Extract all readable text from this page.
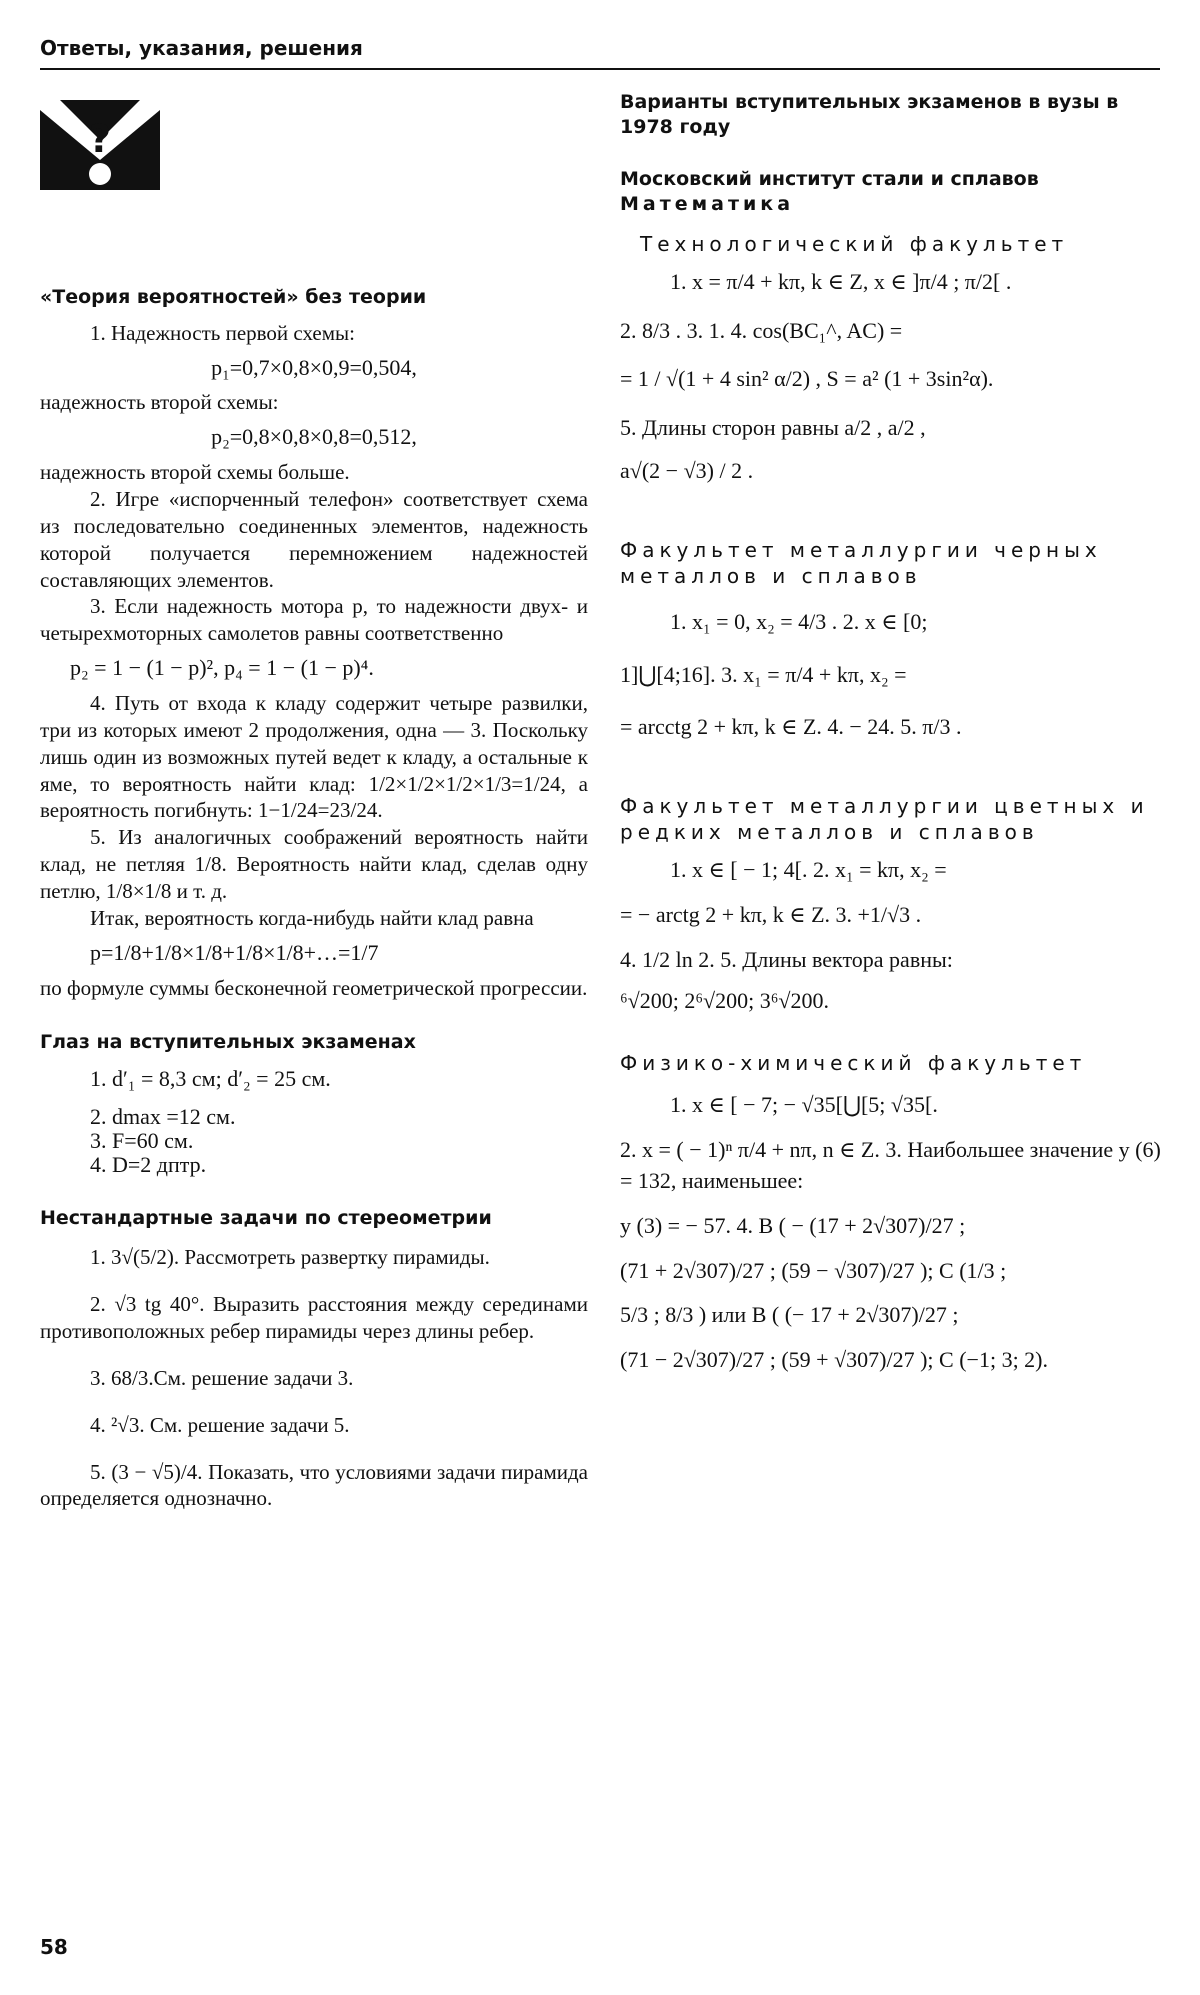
Ответы, указания, решения
?
«Теория вероятностей» без теории

1. Надежность первой схемы:

p₁=0,7×0,8×0,9=0,504,

надежность второй схемы:

p₂=0,8×0,8×0,8=0,512,

надежность второй схемы больше.

2. Игре «испорченный телефон» соответствует схема из последовательно соединенных элементов, надежность которой получается перемножением надежностей составляющих элементов.

3. Если надежность мотора p, то надежности двух- и четырехмоторных самолетов равны соответственно

p₂ = 1 − (1 − p)², p₄ = 1 − (1 − p)⁴.

4. Путь от входа к кладу содержит четыре развилки, три из которых имеют 2 продолжения, одна — 3. Поскольку лишь один из возможных путей ведет к кладу, а остальные к яме, то вероятность найти клад: 1/2×1/2×1/2×1/3=1/24, а вероятность погибнуть: 1−1/24=23/24.

5. Из аналогичных соображений вероятность найти клад, не петляя 1/8. Вероятность найти клад, сделав одну петлю, 1/8×1/8 и т. д.

Итак, вероятность когда-нибудь найти клад равна

p=1/8+1/8×1/8+1/8×1/8+…=1/7

по формуле суммы бесконечной геометрической прогрессии.

Глаз на вступительных экзаменах
1. d′₁ = 8,3 см; d′₂ = 25 см.
2. dmax =12 см.
3. F=60 см.
4. D=2 дптр.
Нестандартные задачи по стереометрии

1. 3√(5/2). Рассмотреть развертку пирамиды.

2. √3 tg 40°. Выразить расстояния между серединами противоположных ребер пирамиды через длины ребер.

3. 68/3.См. решение задачи 3.

4. ²√3. См. решение задачи 5.

5. (3 − √5)/4. Показать, что условиями задачи пирамида определяется однозначно.

Варианты вступительных экзаменов в вузы в 1978 году
Московский институт стали и сплавов
Математика
Технологический факультет
1. x = π/4 + kπ, k ∈ Z, x ∈ ]π/4 ; π/2[ .
2. 8/3 . 3. 1. 4. cos(BC₁^, AC) =
= 1 / √(1 + 4 sin² α/2) , S = a² (1 + 3sin²α).
5. Длины сторон равны a/2 , a/2 ,
a√(2 − √3) / 2 .
Факультет металлургии черных металлов и сплавов
1. x₁ = 0, x₂ = 4/3 . 2. x ∈ [0;
1]⋃[4;16]. 3. x₁ = π/4 + kπ, x₂ =
= arcctg 2 + kπ, k ∈ Z. 4. − 24. 5. π/3 .
Факультет металлургии цветных и редких металлов и сплавов
1. x ∈ [ − 1; 4[. 2. x₁ = kπ, x₂ =
= − arctg 2 + kπ, k ∈ Z. 3. +1/√3 .
4. 1/2 ln 2. 5. Длины вектора равны:
⁶√200; 2⁶√200; 3⁶√200.
Физико-химический факультет
1. x ∈ [ − 7; − √35[⋃[5; √35[.
2. x = ( − 1)ⁿ π/4 + nπ, n ∈ Z. 3. Наибольшее значение y (6) = 132, наименьшее:
y (3) = − 57. 4. B ( − (17 + 2√307)/27 ;
(71 + 2√307)/27 ; (59 − √307)/27 ); C (1/3 ;
5/3 ; 8/3 ) или B ( (− 17 + 2√307)/27 ;
(71 − 2√307)/27 ; (59 + √307)/27 ); C (−1; 3; 2).
58
